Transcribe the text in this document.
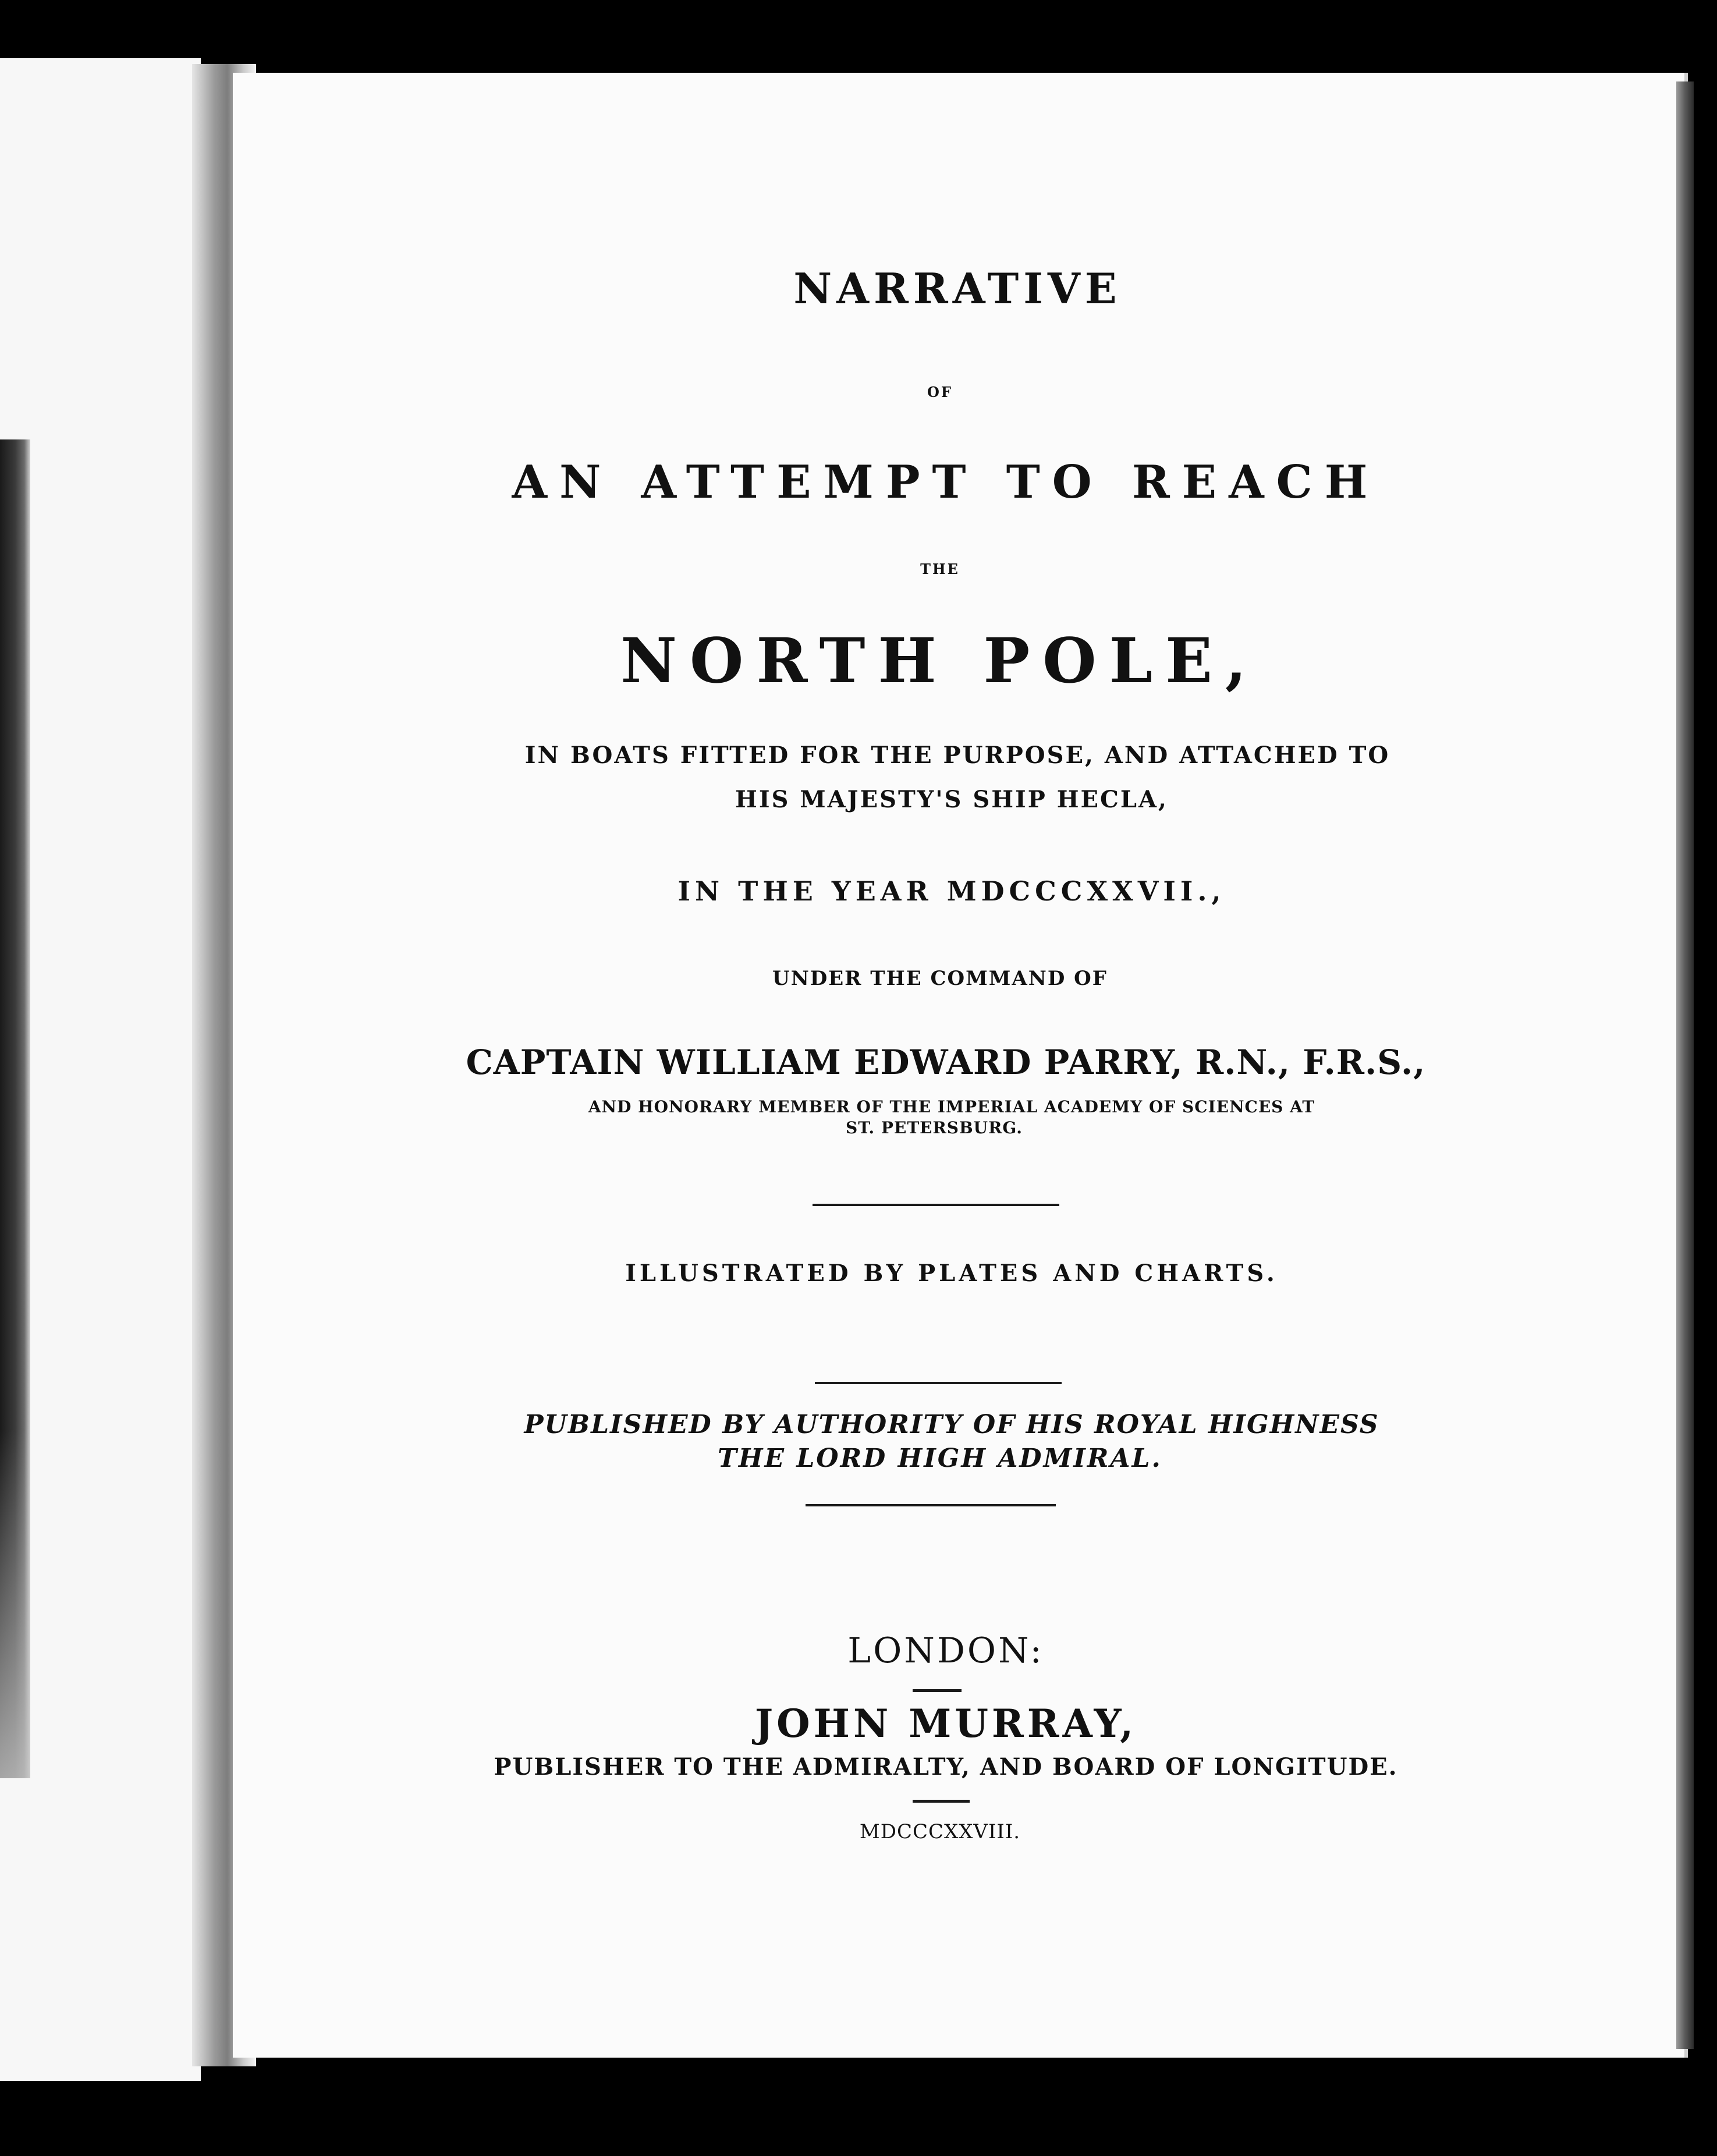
NARRATIVE
OF
AN ATTEMPT TO REACH
THE
NORTH POLE,
IN BOATS FITTED FOR THE PURPOSE, AND ATTACHED TO
HIS MAJESTY'S SHIP HECLA,
IN THE YEAR MDCCCXXVII.,
UNDER THE COMMAND OF
CAPTAIN WILLIAM EDWARD PARRY, R.N., F.R.S.,
AND HONORARY MEMBER OF THE IMPERIAL ACADEMY OF SCIENCES AT
ST. PETERSBURG.
ILLUSTRATED BY PLATES AND CHARTS.
PUBLISHED BY AUTHORITY OF HIS ROYAL HIGHNESS
THE LORD HIGH ADMIRAL.
LONDON:
JOHN MURRAY,
PUBLISHER TO THE ADMIRALTY, AND BOARD OF LONGITUDE.
MDCCCXXVIII.
